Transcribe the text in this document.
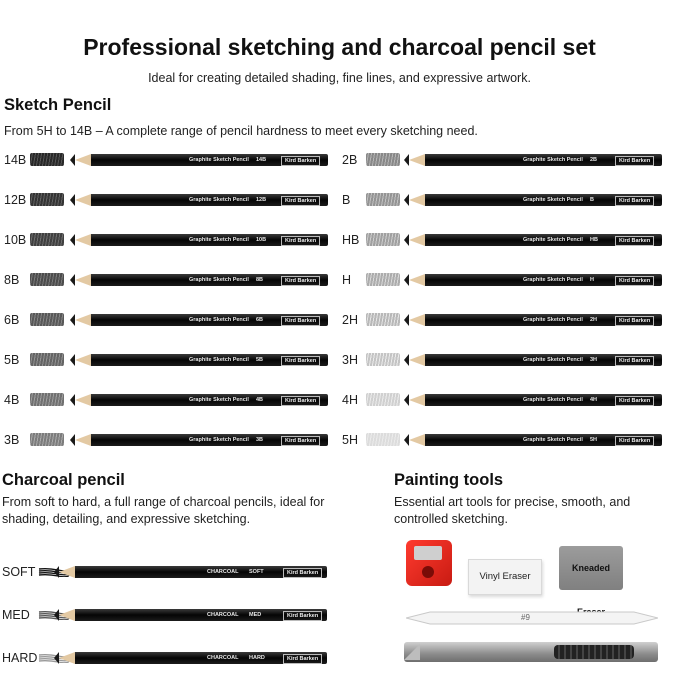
Professional sketching and charcoal pencil set
Ideal for creating detailed shading, fine lines, and expressive artwork.
Sketch Pencil
From 5H to 14B – A complete range of pencil hardness to meet every sketching need.
14B	Graphite Sketch Pencil 14B	Kird Barken
12B	Graphite Sketch Pencil 12B	Kird Barken
10B	Graphite Sketch Pencil 10B	Kird Barken
8B	Graphite Sketch Pencil 8B	Kird Barken
6B	Graphite Sketch Pencil 6B	Kird Barken
5B	Graphite Sketch Pencil 5B	Kird Barken
4B	Graphite Sketch Pencil 4B	Kird Barken
3B	Graphite Sketch Pencil 3B	Kird Barken
2B	Graphite Sketch Pencil 2B	Kird Barken
B	Graphite Sketch Pencil B	Kird Barken
HB	Graphite Sketch Pencil HB	Kird Barken
H	Graphite Sketch Pencil H	Kird Barken
2H	Graphite Sketch Pencil 2H	Kird Barken
3H	Graphite Sketch Pencil 3H	Kird Barken
4H	Graphite Sketch Pencil 4H	Kird Barken
5H	Graphite Sketch Pencil 5H	Kird Barken
Charcoal pencil
From soft to hard, a full range of charcoal pencils, ideal for
shading, detailing, and expressive sketching.
SOFT	CHARCOAL SOFT	Kird Barken
MED	CHARCOAL MED	Kird Barken
HARD	CHARCOAL HARD	Kird Barken
Painting tools
Essential art tools for precise, smooth, and
controlled sketching.
Vinyl Eraser
Kneaded
#9
